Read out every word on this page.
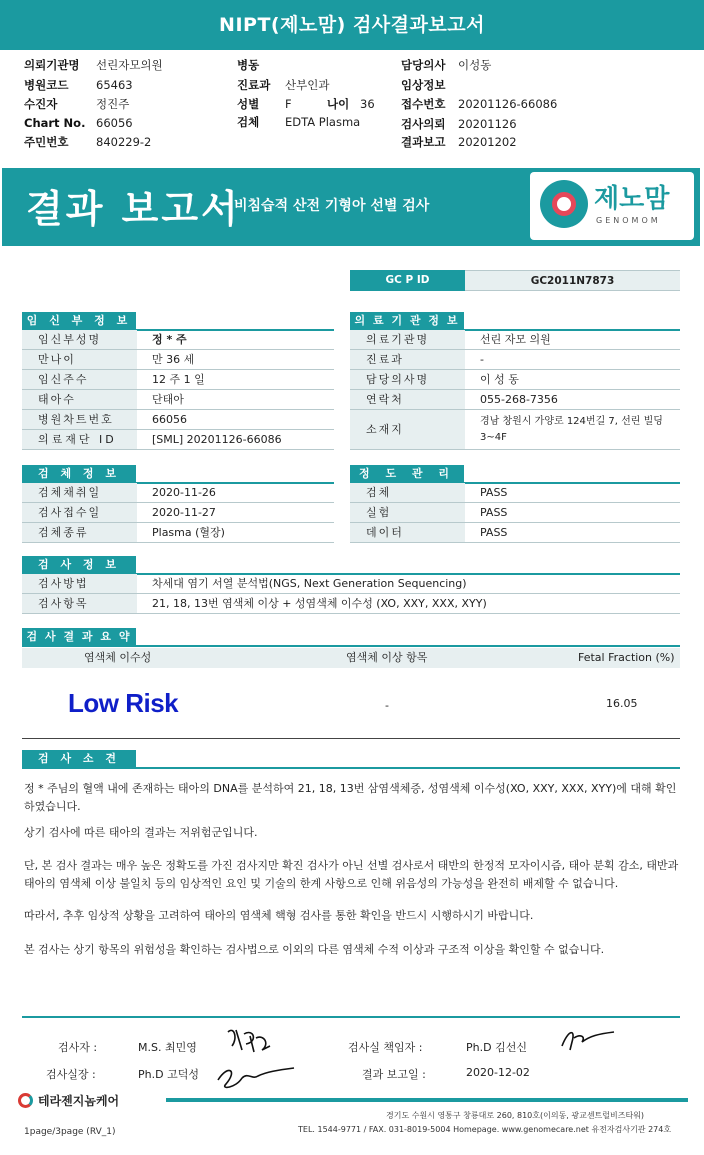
NIPT(제노맘) 검사결과보고서
의뢰기관명 선린자모의원
병원코드 65463
수진자	정진주
Chart No. 66056
주민번호 840229-2
병동
진료과 산부인과
성별 F	나이 36
검체 EDTA Plasma
담당의사 이성동
임상정보
접수번호 20201126-66086
검사의뢰 20201126
결과보고 20201202
결과 보고서
비침습적 산전 기형아 선별 검사	제노맘
GENOMOM
GC P ID	GC2011N7873
임 신 부 정 보
임신부성명	정 * 주
만나이	만 36 세
임신주수	12 주 1 일
태아수	단태아
병원차트번호	66056
의료재단 ID	[SML] 20201126-66086
의 료 기 관 정 보
의료기관명	선린 자모 의원
진료과	-
담당의사명	이 성 동
연락처	055-268-7356
소재지
경남 창원시 가양로 124번길 7, 선린 빌딩 3~4F
검 체 정 보
검체채취일	2020-11-26
검사접수일	2020-11-27
검체종류	Plasma (혈장)
정 도 관 리
검체	PASS
실험	PASS
데이터	PASS
검 사 정 보
검사방법	차세대 염기 서열 분석법(NGS, Next Generation Sequencing)
검사항목	21, 18, 13번 염색체 이상 + 성염색체 이수성 (XO, XXY, XXX, XYY)
검 사 결 과 요 약
염색체 이수성	염색체 이상 항목	Fetal Fraction (%)
Low Risk	-	16.05
검 사 소 견
정 * 주님의 혈액 내에 존재하는 태아의 DNA를 분석하여 21, 18, 13번 삼염색체증, 성염색체 이수성(XO, XXY, XXX, XYY)에 대해 확인하였습니다.
상기 검사에 따른 태아의 결과는 저위험군입니다.
단, 본 검사 결과는 매우 높은 정확도를 가진 검사지만 확진 검사가 아닌 선별 검사로서 태반의 한정적 모자이시즘, 태아 분획 감소, 태반과 태아의 염색체 이상 불일치 등의 임상적인 요인 및 기술의 한계 사항으로 인해 위음성의 가능성을 완전히 배제할 수 없습니다.
따라서, 추후 임상적 상황을 고려하여 태아의 염색체 핵형 검사를 통한 확인을 반드시 시행하시기 바랍니다.
본 검사는 상기 항목의 위험성을 확인하는 검사법으로 이외의 다른 염색체 수적 이상과 구조적 이상을 확인할 수 없습니다.
검사자 :	M.S. 최민영
검사실장 :	Ph.D 고덕성
검사실 책임자 :	Ph.D 김선신
결과 보고일 :	2020-12-02
테라젠지놈케어
경기도 수원시 영통구 창룡대로 260, 810호(이의동, 광교센트럴비즈타워)
TEL. 1544-9771 / FAX. 031-8019-5004 Homepage. www.genomecare.net 유전자검사기관 274호
1page/3page (RV_1)
